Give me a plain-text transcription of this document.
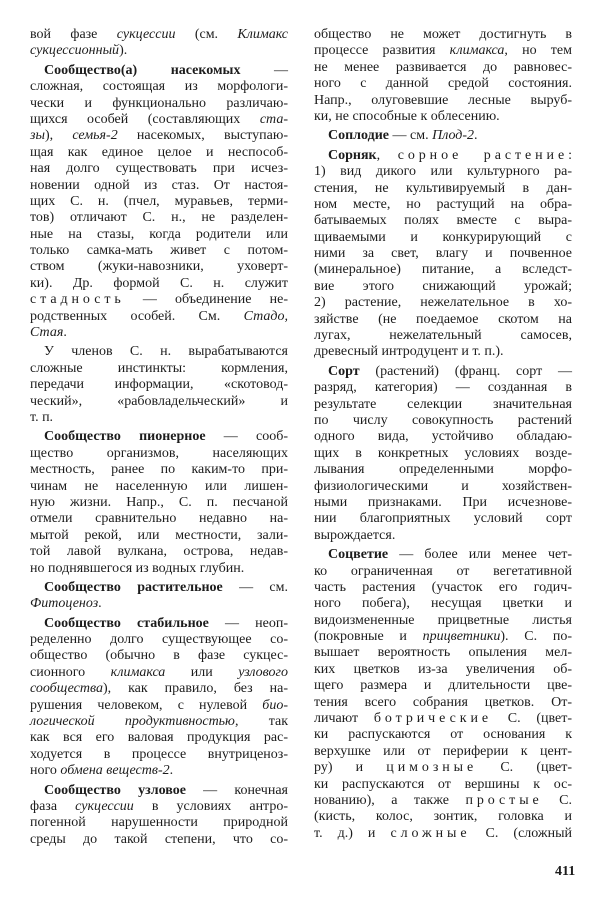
вой фазе сукцессии (см. Климакс
сукцессионный).
Сообщество(а) насекомых —
сложная, состоящая из морфологи-
чески и функционально различаю-
щихся особей (составляющих ста-
зы), семья-2 насекомых, выступаю-
щая как единое целое и неспособ-
ная долго существовать при исчез-
новении одной из стаз. От настоя-
щих С. н. (пчел, муравьев, терми-
тов) отличают С. н., не разделен-
ные на стазы, когда родители или
только самка-мать живет с потом-
ством (жуки-навозники, уховерт-
ки). Др. формой С. н. служит
стадность — объединение не-
родственных особей. См. Стадо,
Стая.
У членов С. н. вырабатываются
сложные инстинкты: кормления,
передачи информации, «скотовод-
ческий», «рабовладельческий» и
т. п.
Сообщество пионерное — сооб-
щество организмов, населяющих
местность, ранее по каким-то при-
чинам не населенную или лишен-
ную жизни. Напр., С. п. песчаной
отмели сравнительно недавно на-
мытой рекой, или местности, зали-
той лавой вулкана, острова, недав-
но поднявшегося из водных глубин.
Сообщество растительное — см.
Фитоценоз.
Сообщество стабильное — неоп-
ределенно долго существующее со-
общество (обычно в фазе сукцес-
сионного климакса или узлового
сообщества), как правило, без на-
рушения человеком, с нулевой био-
логической продуктивностью, так
как вся его валовая продукция рас-
ходуется в процессе внутриценоз-
ного обмена веществ-2.
Сообщество узловое — конечная
фаза сукцессии в условиях антро-
погенной нарушенности природной
среды до такой степени, что со-
общество не может достигнуть в
процессе развития климакса, но тем
не менее развивается до равновес-
ного с данной средой состояния.
Напр., олуговевшие лесные выруб-
ки, не способные к облесению.
Соплодие — см. Плод-2.
Сорняк, сорное растение:
1) вид дикого или культурного ра-
стения, не культивируемый в дан-
ном месте, но растущий на обра-
батываемых полях вместе с выра-
щиваемыми и конкурирующий с
ними за свет, влагу и почвенное
(минеральное) питание, а вследст-
вие этого снижающий урожай;
2) растение, нежелательное в хо-
зяйстве (не поедаемое скотом на
лугах, нежелательный самосев,
древесный интродуцент и т. п.).
Сорт (растений) (франц. сорт —
разряд, категория) — созданная в
результате селекции значительная
по числу совокупность растений
одного вида, устойчиво обладаю-
щих в конкретных условиях возде-
лывания определенными морфо-
физиологическими и хозяйствен-
ными признаками. При исчезнове-
нии благоприятных условий сорт
вырождается.
Соцветие — более или менее чет-
ко ограниченная от вегетативной
часть растения (участок его годич-
ного побега), несущая цветки и
видоизмененные прицветные листья
(покровные и прицветники). С. по-
вышает вероятность опыления мел-
ких цветков из-за увеличения об-
щего размера и длительности цве-
тения всего собрания цветков. От-
личают ботрические С. (цвет-
ки распускаются от основания к
верхушке или от периферии к цент-
ру) и цимозные С. (цвет-
ки распускаются от вершины к ос-
нованию), а также простые С.
(кисть, колос, зонтик, головка и
т. д.) и сложные С. (сложный
411
